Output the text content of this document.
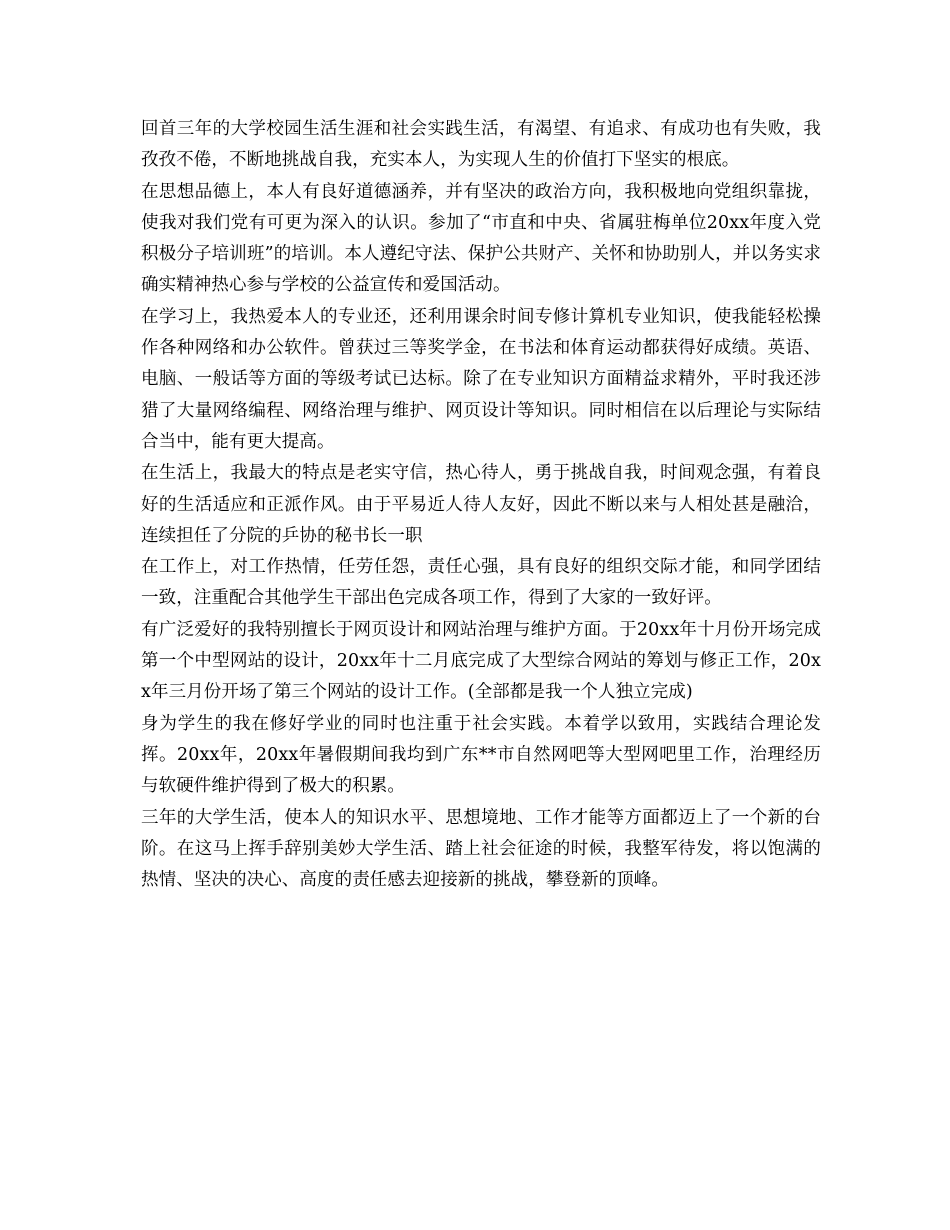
回首三年的大学校园生活生涯和社会实践生活，有渴望、有追求、有成功也有失败，我孜孜不倦，不断地挑战自我，充实本人，为实现人生的价值打下坚实的根底。

在思想品德上，本人有良好道德涵养，并有坚决的政治方向，我积极地向党组织靠拢，使我对我们党有可更为深入的认识。参加了“市直和中央、省属驻梅单位20xx年度入党积极分子培训班”的培训。本人遵纪守法、保护公共财产、关怀和协助别人，并以务实求确实精神热心参与学校的公益宣传和爱国活动。

在学习上，我热爱本人的专业还，还利用课余时间专修计算机专业知识，使我能轻松操作各种网络和办公软件。曾获过三等奖学金，在书法和体育运动都获得好成绩。英语、电脑、一般话等方面的等级考试已达标。除了在专业知识方面精益求精外，平时我还涉猎了大量网络编程、网络治理与维护、网页设计等知识。同时相信在以后理论与实际结合当中，能有更大提高。

在生活上，我最大的特点是老实守信，热心待人，勇于挑战自我，时间观念强，有着良好的生活适应和正派作风。由于平易近人待人友好，因此不断以来与人相处甚是融洽，连续担任了分院的乒协的秘书长一职

在工作上，对工作热情，任劳任怨，责任心强，具有良好的组织交际才能，和同学团结一致，注重配合其他学生干部出色完成各项工作，得到了大家的一致好评。

有广泛爱好的我特别擅长于网页设计和网站治理与维护方面。于20xx年十月份开场完成第一个中型网站的设计，20xx年十二月底完成了大型综合网站的筹划与修正工作，20xx年三月份开场了第三个网站的设计工作。(全部都是我一个人独立完成)

身为学生的我在修好学业的同时也注重于社会实践。本着学以致用，实践结合理论发挥。20xx年，20xx年暑假期间我均到广东**市自然网吧等大型网吧里工作，治理经历与软硬件维护得到了极大的积累。

三年的大学生活，使本人的知识水平、思想境地、工作才能等方面都迈上了一个新的台阶。在这马上挥手辞别美妙大学生活、踏上社会征途的时候，我整军待发，将以饱满的热情、坚决的决心、高度的责任感去迎接新的挑战，攀登新的顶峰。
